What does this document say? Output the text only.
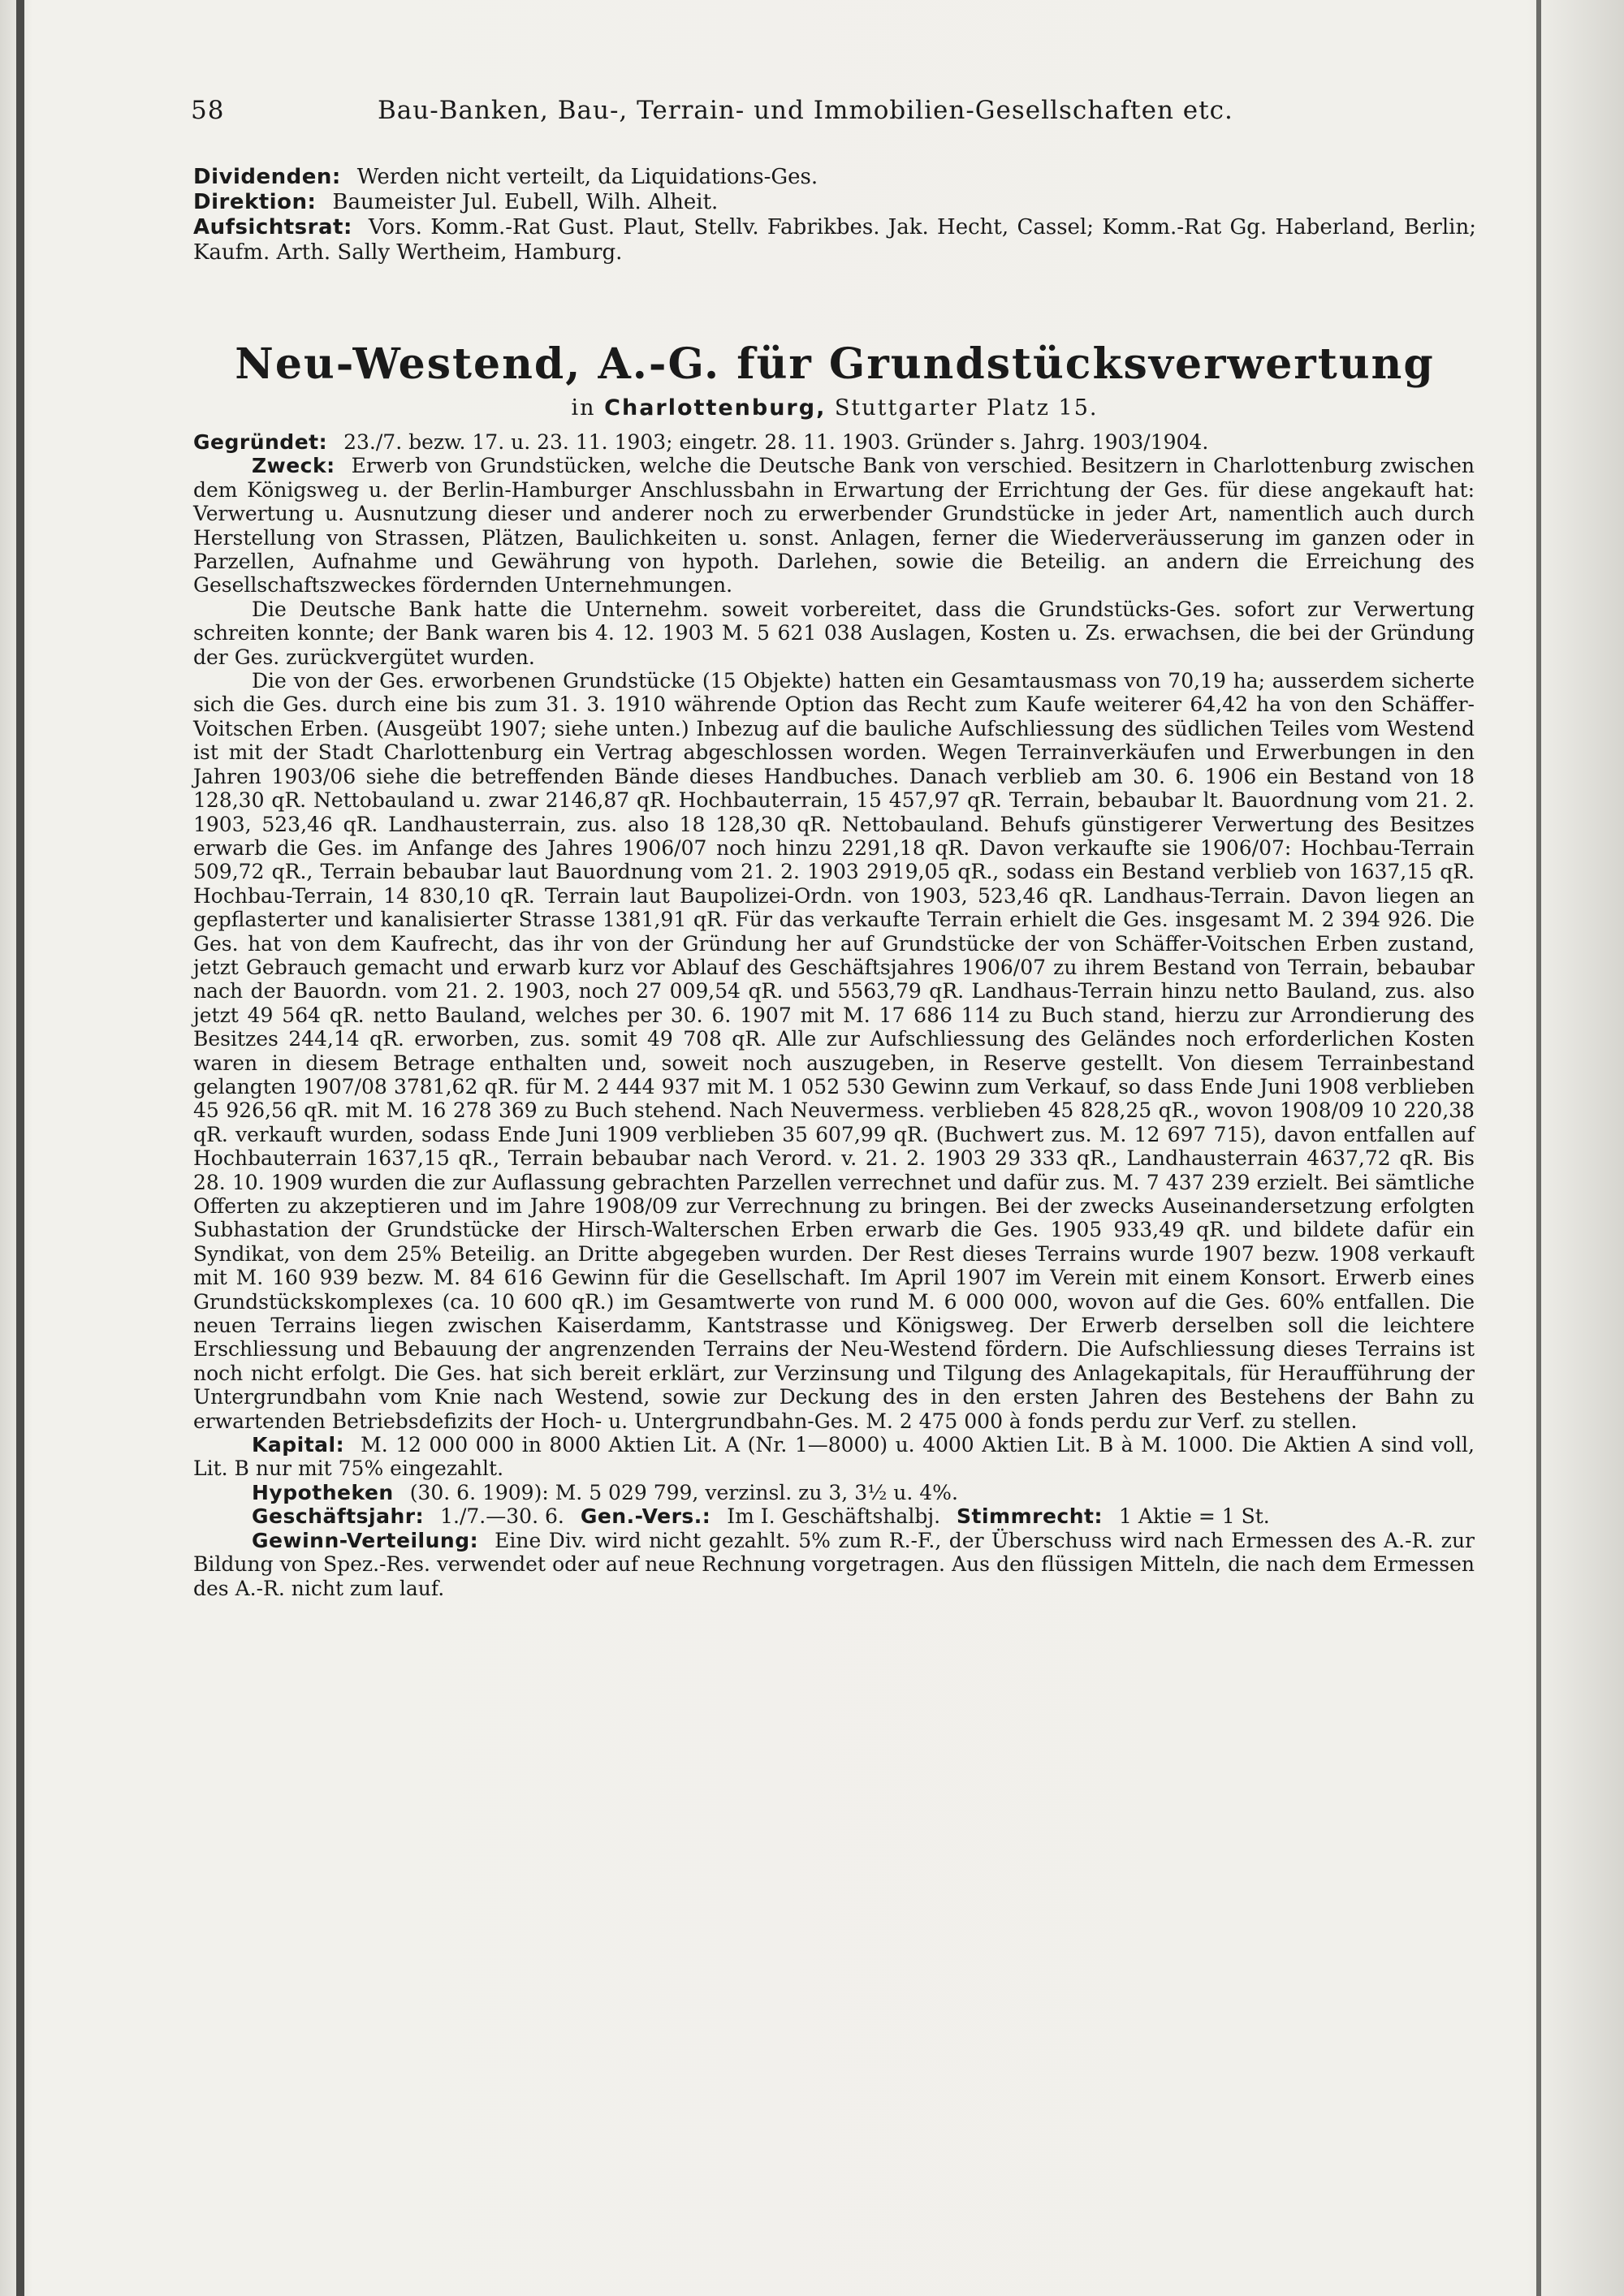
58	Bau-Banken, Bau-, Terrain- und Immobilien-Gesellschaften etc.

Dividenden: Werden nicht verteilt, da Liquidations-Ges.

Direktion: Baumeister Jul. Eubell, Wilh. Alheit.

Aufsichtsrat: Vors. Komm.-Rat Gust. Plaut, Stellv. Fabrikbes. Jak. Hecht, Cassel; Komm.-Rat Gg. Haberland, Berlin; Kaufm. Arth. Sally Wertheim, Hamburg.

Neu-Westend, A.-G. für Grundstücksverwertung
in Charlottenburg, Stuttgarter Platz 15.

Gegründet: 23./7. bezw. 17. u. 23. 11. 1903; eingetr. 28. 11. 1903. Gründer s. Jahrg. 1903/1904.

Zweck: Erwerb von Grundstücken, welche die Deutsche Bank von verschied. Besitzern in Charlottenburg zwischen dem Königsweg u. der Berlin-Hamburger Anschlussbahn in Erwartung der Errichtung der Ges. für diese angekauft hat: Verwertung u. Ausnutzung dieser und anderer noch zu erwerbender Grundstücke in jeder Art, namentlich auch durch Herstellung von Strassen, Plätzen, Baulichkeiten u. sonst. Anlagen, ferner die Wiederveräusserung im ganzen oder in Parzellen, Aufnahme und Gewährung von hypoth. Darlehen, sowie die Beteilig. an andern die Erreichung des Gesellschaftszweckes fördernden Unternehmungen.

Die Deutsche Bank hatte die Unternehm. soweit vorbereitet, dass die Grundstücks-Ges. sofort zur Verwertung schreiten konnte; der Bank waren bis 4. 12. 1903 M. 5 621 038 Auslagen, Kosten u. Zs. erwachsen, die bei der Gründung der Ges. zurückvergütet wurden.

Die von der Ges. erworbenen Grundstücke (15 Objekte) hatten ein Gesamtausmass von 70,19 ha; ausserdem sicherte sich die Ges. durch eine bis zum 31. 3. 1910 währende Option das Recht zum Kaufe weiterer 64,42 ha von den Schäffer-Voitschen Erben. (Ausgeübt 1907; siehe unten.) Inbezug auf die bauliche Aufschliessung des südlichen Teiles vom Westend ist mit der Stadt Charlottenburg ein Vertrag abgeschlossen worden. Wegen Terrainverkäufen und Erwerbungen in den Jahren 1903/06 siehe die betreffenden Bände dieses Handbuches. Danach verblieb am 30. 6. 1906 ein Bestand von 18 128,30 qR. Nettobauland u. zwar 2146,87 qR. Hochbauterrain, 15 457,97 qR. Terrain, bebaubar lt. Bauordnung vom 21. 2. 1903, 523,46 qR. Landhausterrain, zus. also 18 128,30 qR. Nettobauland. Behufs günstigerer Verwertung des Besitzes erwarb die Ges. im Anfange des Jahres 1906/07 noch hinzu 2291,18 qR. Davon verkaufte sie 1906/07: Hochbau-Terrain 509,72 qR., Terrain bebaubar laut Bauordnung vom 21. 2. 1903 2919,05 qR., sodass ein Bestand verblieb von 1637,15 qR. Hochbau-Terrain, 14 830,10 qR. Terrain laut Baupolizei-Ordn. von 1903, 523,46 qR. Landhaus-Terrain. Davon liegen an gepflasterter und kanalisierter Strasse 1381,91 qR. Für das verkaufte Terrain erhielt die Ges. insgesamt M. 2 394 926. Die Ges. hat von dem Kaufrecht, das ihr von der Gründung her auf Grundstücke der von Schäffer-Voitschen Erben zustand, jetzt Gebrauch gemacht und erwarb kurz vor Ablauf des Geschäftsjahres 1906/07 zu ihrem Bestand von Terrain, bebaubar nach der Bauordn. vom 21. 2. 1903, noch 27 009,54 qR. und 5563,79 qR. Landhaus-Terrain hinzu netto Bauland, zus. also jetzt 49 564 qR. netto Bauland, welches per 30. 6. 1907 mit M. 17 686 114 zu Buch stand, hierzu zur Arrondierung des Besitzes 244,14 qR. erworben, zus. somit 49 708 qR. Alle zur Aufschliessung des Geländes noch erforderlichen Kosten waren in diesem Betrage enthalten und, soweit noch auszugeben, in Reserve gestellt. Von diesem Terrainbestand gelangten 1907/08 3781,62 qR. für M. 2 444 937 mit M. 1 052 530 Gewinn zum Verkauf, so dass Ende Juni 1908 verblieben 45 926,56 qR. mit M. 16 278 369 zu Buch stehend. Nach Neuvermess. verblieben 45 828,25 qR., wovon 1908/09 10 220,38 qR. verkauft wurden, sodass Ende Juni 1909 verblieben 35 607,99 qR. (Buchwert zus. M. 12 697 715), davon entfallen auf Hochbauterrain 1637,15 qR., Terrain bebaubar nach Verord. v. 21. 2. 1903 29 333 qR., Landhausterrain 4637,72 qR. Bis 28. 10. 1909 wurden die zur Auflassung gebrachten Parzellen verrechnet und dafür zus. M. 7 437 239 erzielt. Bei sämtliche Offerten zu akzeptieren und im Jahre 1908/09 zur Verrechnung zu bringen. Bei der zwecks Auseinandersetzung erfolgten Subhastation der Grundstücke der Hirsch-Walterschen Erben erwarb die Ges. 1905 933,49 qR. und bildete dafür ein Syndikat, von dem 25% Beteilig. an Dritte abgegeben wurden. Der Rest dieses Terrains wurde 1907 bezw. 1908 verkauft mit M. 160 939 bezw. M. 84 616 Gewinn für die Gesellschaft. Im April 1907 im Verein mit einem Konsort. Erwerb eines Grundstückskomplexes (ca. 10 600 qR.) im Gesamtwerte von rund M. 6 000 000, wovon auf die Ges. 60% entfallen. Die neuen Terrains liegen zwischen Kaiserdamm, Kantstrasse und Königsweg. Der Erwerb derselben soll die leichtere Erschliessung und Bebauung der angrenzenden Terrains der Neu-Westend fördern. Die Aufschliessung dieses Terrains ist noch nicht erfolgt. Die Ges. hat sich bereit erklärt, zur Verzinsung und Tilgung des Anlagekapitals, für Heraufführung der Untergrundbahn vom Knie nach Westend, sowie zur Deckung des in den ersten Jahren des Bestehens der Bahn zu erwartenden Betriebsdefizits der Hoch- u. Untergrundbahn-Ges. M. 2 475 000 à fonds perdu zur Verf. zu stellen.

Kapital: M. 12 000 000 in 8000 Aktien Lit. A (Nr. 1—8000) u. 4000 Aktien Lit. B à M. 1000. Die Aktien A sind voll, Lit. B nur mit 75% eingezahlt.

Hypotheken (30. 6. 1909): M. 5 029 799, verzinsl. zu 3, 3½ u. 4%.

Geschäftsjahr: 1./7.—30. 6. Gen.-Vers.: Im I. Geschäftshalbj. Stimmrecht: 1 Aktie = 1 St.

Gewinn-Verteilung: Eine Div. wird nicht gezahlt. 5% zum R.-F., der Überschuss wird nach Ermessen des A.-R. zur Bildung von Spez.-Res. verwendet oder auf neue Rechnung vorgetragen. Aus den flüssigen Mitteln, die nach dem Ermessen des A.-R. nicht zum lauf.
